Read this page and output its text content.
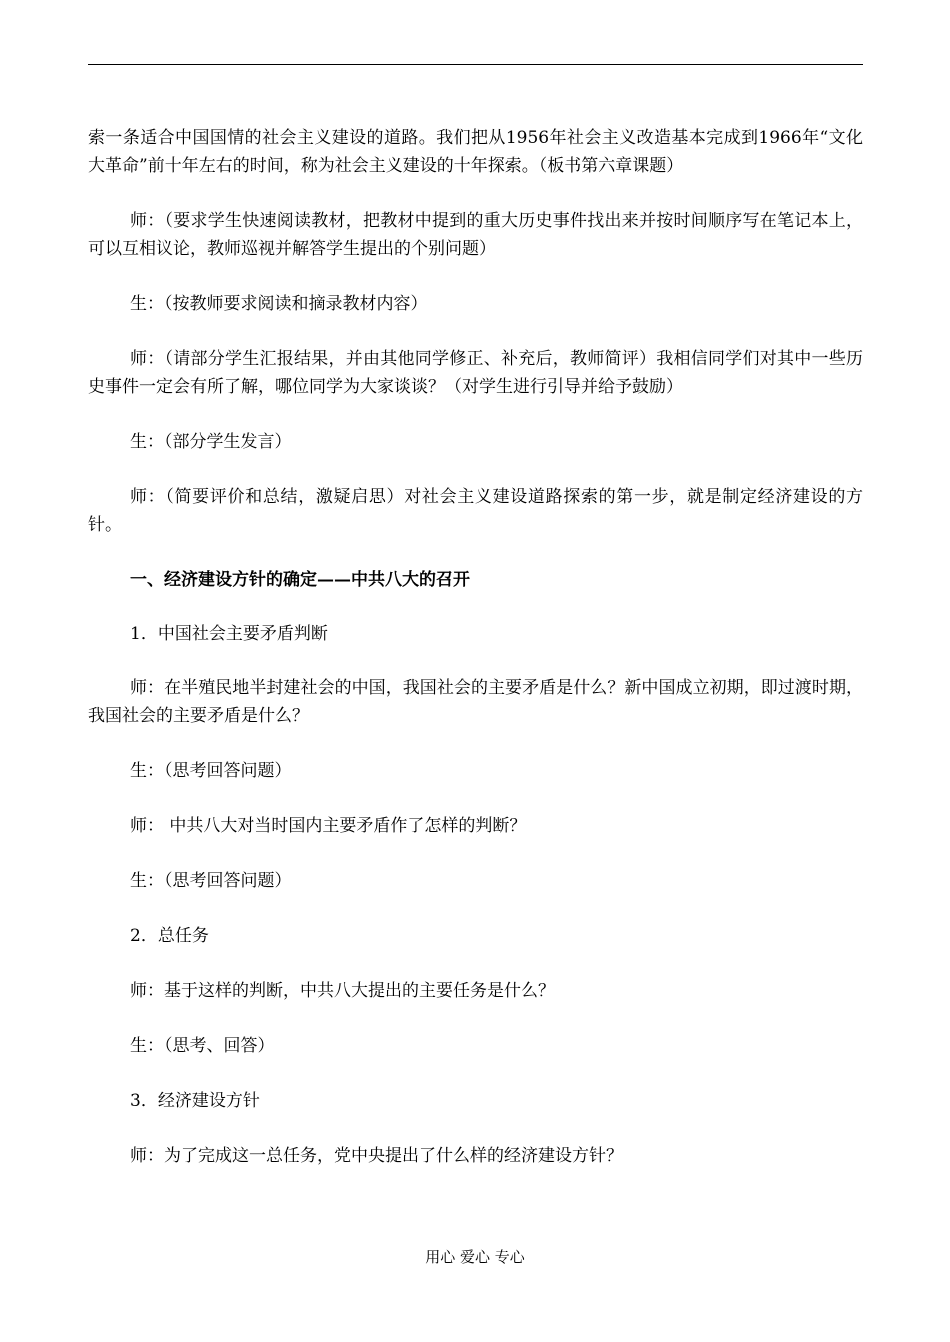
索一条适合中国国情的社会主义建设的道路。我们把从1956年社会主义改造基本完成到1966年“文化大革命”前十年左右的时间，称为社会主义建设的十年探索。（板书第六章课题）

师：（要求学生快速阅读教材，把教材中提到的重大历史事件找出来并按时间顺序写在笔记本上，可以互相议论，教师巡视并解答学生提出的个别问题）

生：（按教师要求阅读和摘录教材内容）

师：（请部分学生汇报结果，并由其他同学修正、补充后，教师简评）我相信同学们对其中一些历史事件一定会有所了解，哪位同学为大家谈谈？（对学生进行引导并给予鼓励）

生：（部分学生发言）

师：（简要评价和总结，激疑启思）对社会主义建设道路探索的第一步，就是制定经济建设的方针。

一、经济建设方针的确定——中共八大的召开

1．中国社会主要矛盾判断

师：在半殖民地半封建社会的中国，我国社会的主要矛盾是什么？新中国成立初期，即过渡时期，我国社会的主要矛盾是什么？

生：（思考回答问题）

师： 中共八大对当时国内主要矛盾作了怎样的判断？

生：（思考回答问题）

2．总任务

师：基于这样的判断，中共八大提出的主要任务是什么？

生：（思考、回答）

3．经济建设方针

师：为了完成这一总任务，党中央提出了什么样的经济建设方针？

用心 爱心 专心
